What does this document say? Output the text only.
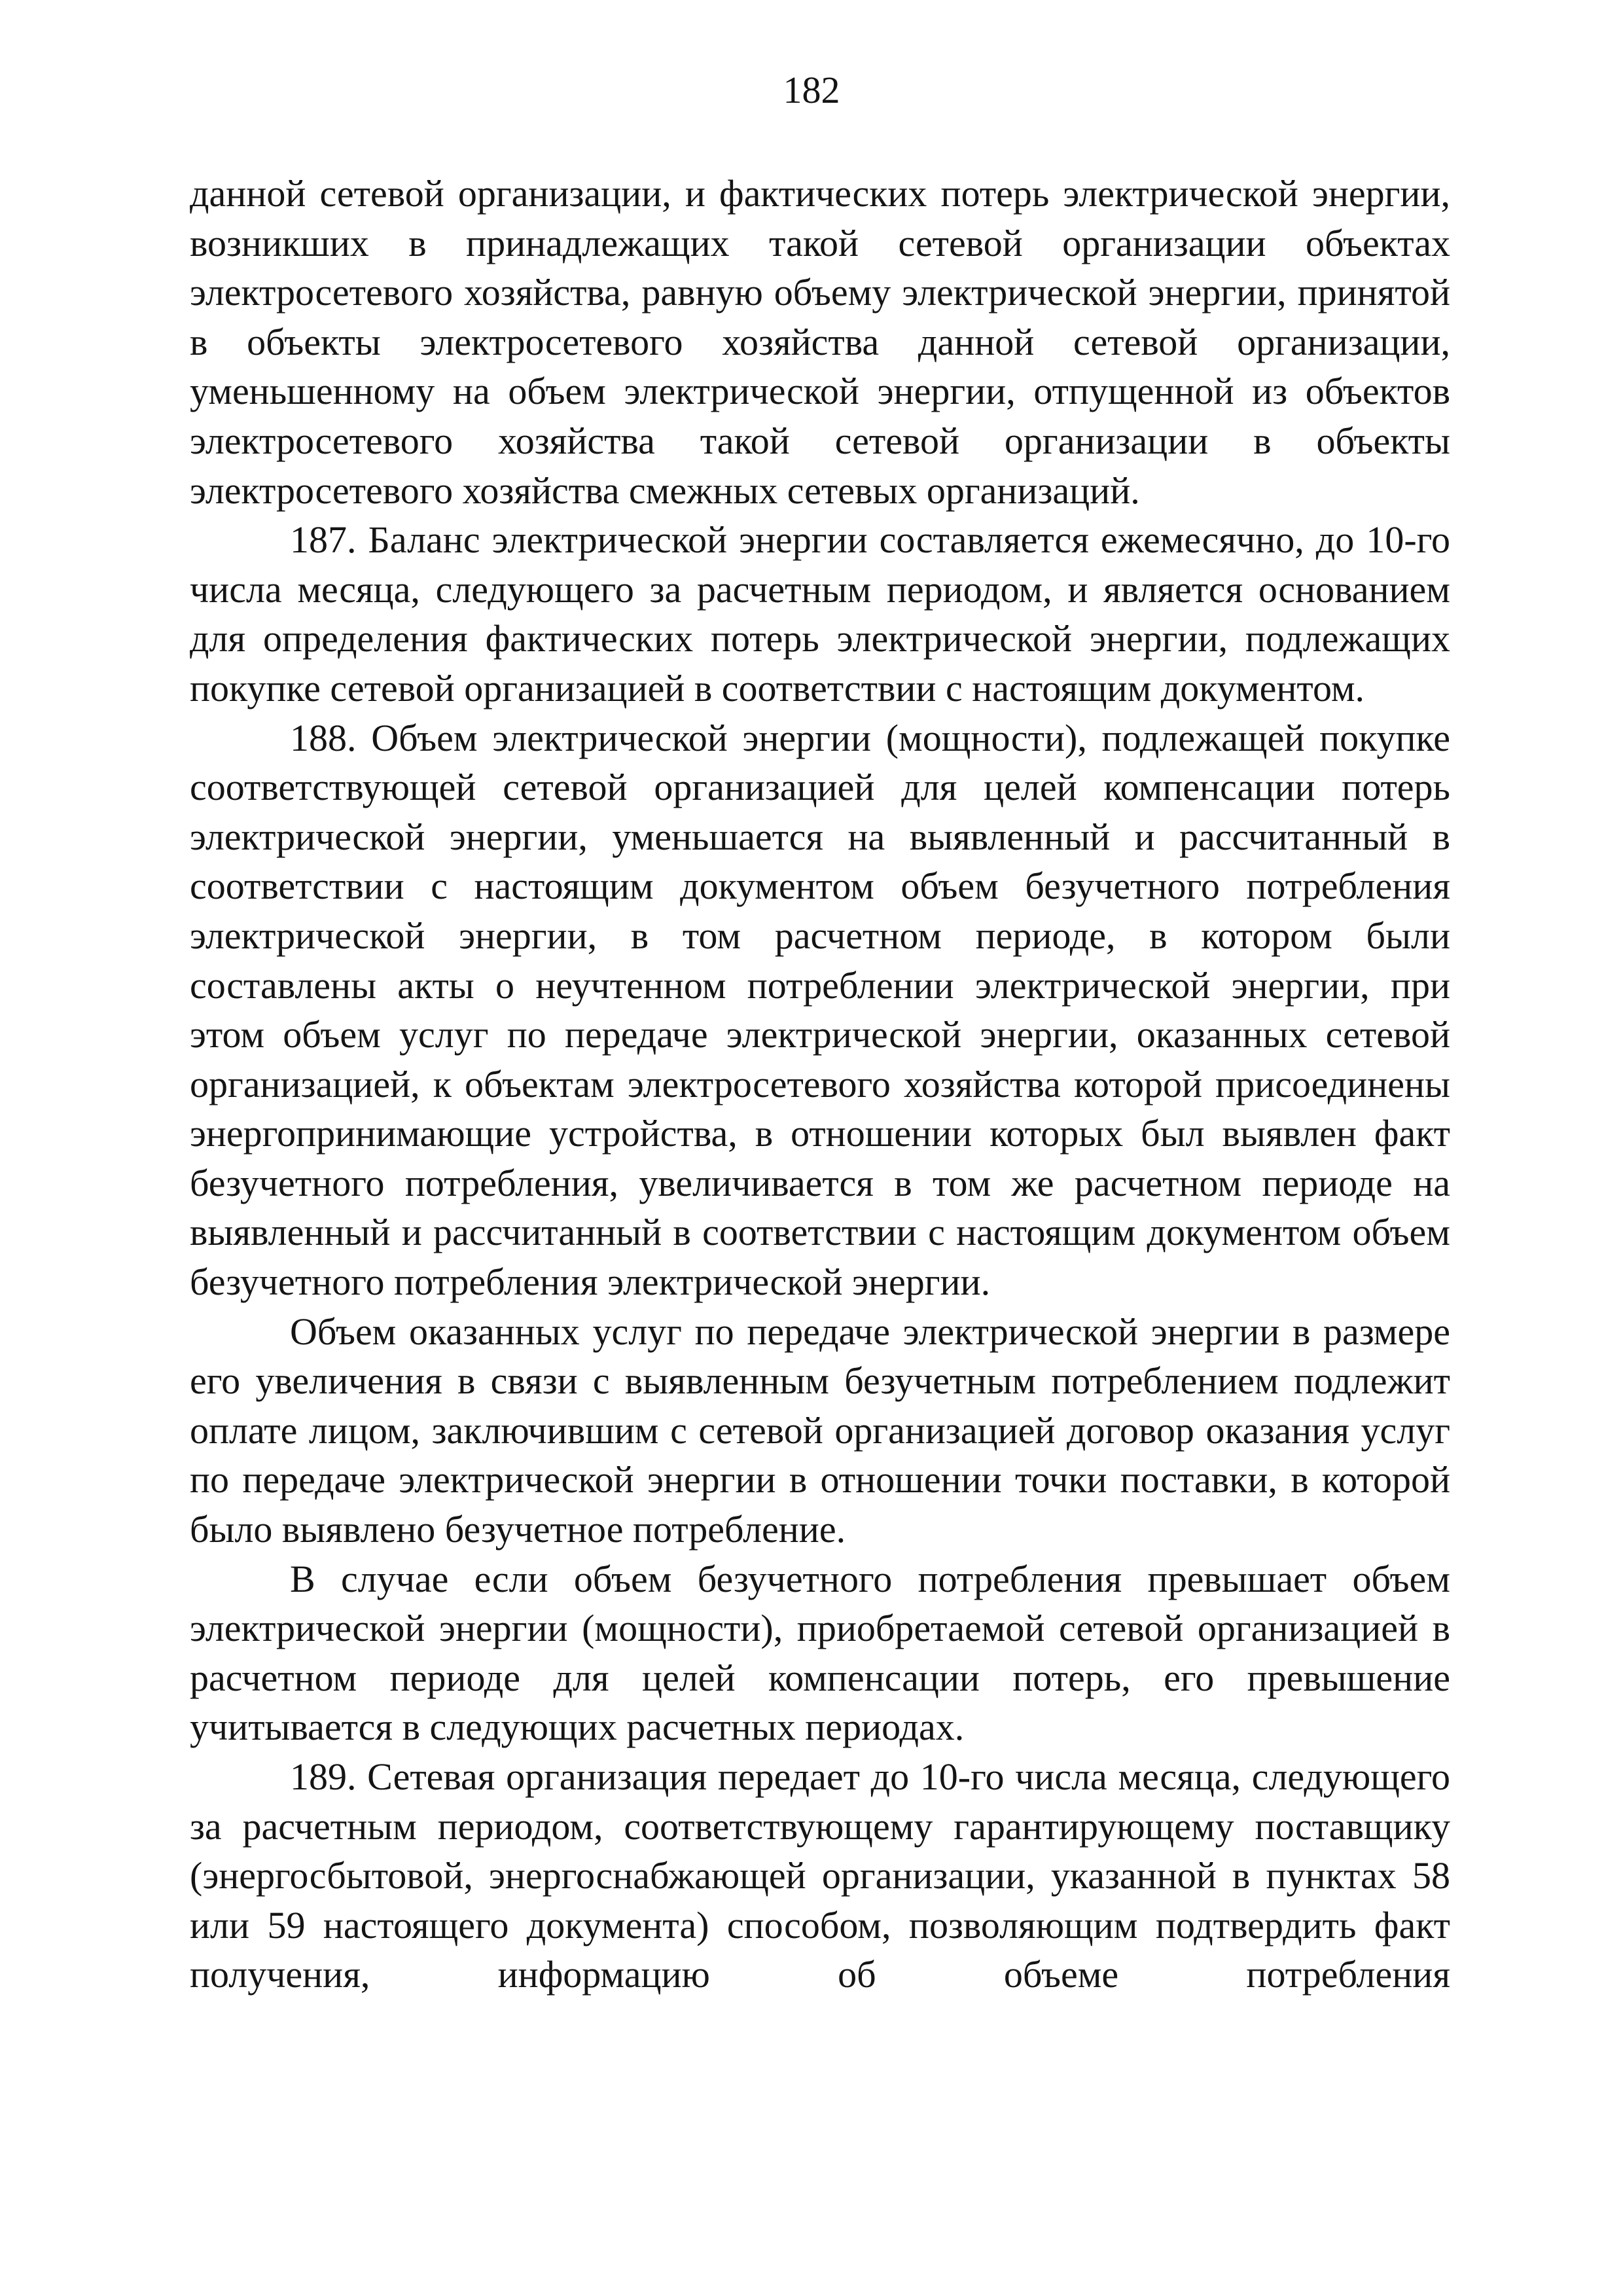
182

данной сетевой организации, и фактических потерь электрической энергии, возникших в принадлежащих такой сетевой организации объектах электросетевого хозяйства, равную объему электрической энергии, принятой в объекты электросетевого хозяйства данной сетевой организации, уменьшенному на объем электрической энергии, отпущенной из объектов электросетевого хозяйства такой сетевой организации в объекты электросетевого хозяйства смежных сетевых организаций.

187. Баланс электрической энергии составляется ежемесячно, до 10-го числа месяца, следующего за расчетным периодом, и является основанием для определения фактических потерь электрической энергии, подлежащих покупке сетевой организацией в соответствии с настоящим документом.

188. Объем электрической энергии (мощности), подлежащей покупке соответствующей сетевой организацией для целей компенсации потерь электрической энергии, уменьшается на выявленный и рассчитанный в соответствии с настоящим документом объем безучетного потребления электрической энергии, в том расчетном периоде, в котором были составлены акты о неучтенном потреблении электрической энергии, при этом объем услуг по передаче электрической энергии, оказанных сетевой организацией, к объектам электросетевого хозяйства которой присоединены энергопринимающие устройства, в отношении которых был выявлен факт безучетного потребления, увеличивается в том же расчетном периоде на выявленный и рассчитанный в соответствии с настоящим документом объем безучетного потребления электрической энергии.

Объем оказанных услуг по передаче электрической энергии в размере его увеличения в связи с выявленным безучетным потреблением подлежит оплате лицом, заключившим с сетевой организацией договор оказания услуг по передаче электрической энергии в отношении точки поставки, в которой было выявлено безучетное потребление.

В случае если объем безучетного потребления превышает объем электрической энергии (мощности), приобретаемой сетевой организацией в расчетном периоде для целей компенсации потерь, его превышение учитывается в следующих расчетных периодах.

189. Сетевая организация передает до 10-го числа месяца, следующего за расчетным периодом, соответствующему гарантирующему поставщику (энергосбытовой, энергоснабжающей организации, указанной в пунктах 58 или 59 настоящего документа) способом, позволяющим подтвердить факт получения, информацию об объеме потребления
